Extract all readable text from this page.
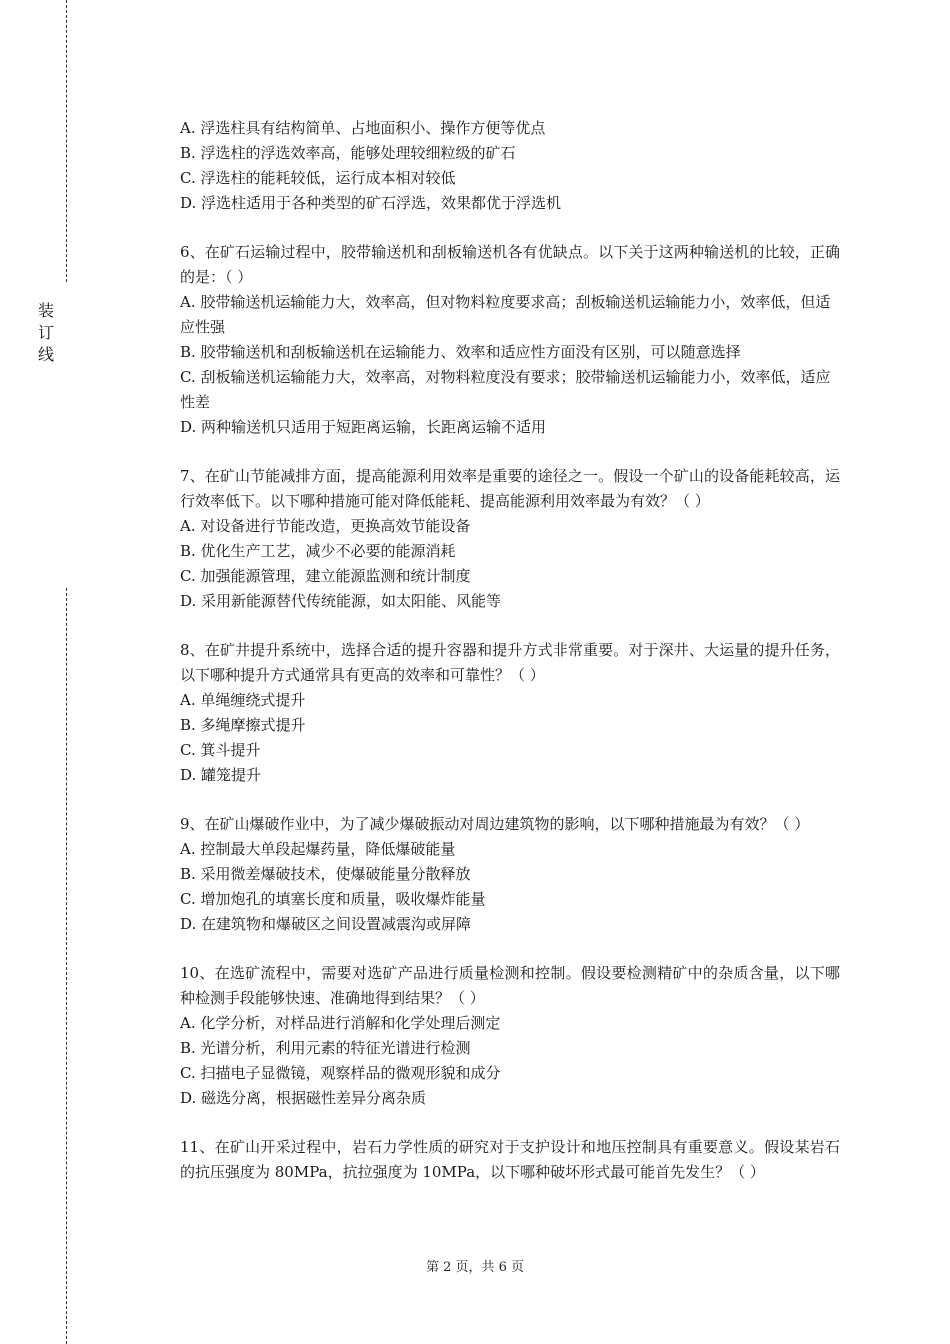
装
订
线

A. 浮选柱具有结构简单、占地面积小、操作方便等优点

B. 浮选柱的浮选效率高，能够处理较细粒级的矿石

C. 浮选柱的能耗较低，运行成本相对较低

D. 浮选柱适用于各种类型的矿石浮选，效果都优于浮选机

6、在矿石运输过程中，胶带输送机和刮板输送机各有优缺点。以下关于这两种输送机的比较，正确的是：（ ）

A. 胶带输送机运输能力大，效率高，但对物料粒度要求高；刮板输送机运输能力小，效率低，但适应性强

B. 胶带输送机和刮板输送机在运输能力、效率和适应性方面没有区别，可以随意选择

C. 刮板输送机运输能力大，效率高，对物料粒度没有要求；胶带输送机运输能力小，效率低，适应性差

D. 两种输送机只适用于短距离运输，长距离运输不适用

7、在矿山节能减排方面，提高能源利用效率是重要的途径之一。假设一个矿山的设备能耗较高，运行效率低下。以下哪种措施可能对降低能耗、提高能源利用效率最为有效？（ ）

A. 对设备进行节能改造，更换高效节能设备

B. 优化生产工艺，减少不必要的能源消耗

C. 加强能源管理，建立能源监测和统计制度

D. 采用新能源替代传统能源，如太阳能、风能等

8、在矿井提升系统中，选择合适的提升容器和提升方式非常重要。对于深井、大运量的提升任务，以下哪种提升方式通常具有更高的效率和可靠性？（ ）

A. 单绳缠绕式提升

B. 多绳摩擦式提升

C. 箕斗提升

D. 罐笼提升

9、在矿山爆破作业中，为了减少爆破振动对周边建筑物的影响，以下哪种措施最为有效？（ ）

A. 控制最大单段起爆药量，降低爆破能量

B. 采用微差爆破技术，使爆破能量分散释放

C. 增加炮孔的填塞长度和质量，吸收爆炸能量

D. 在建筑物和爆破区之间设置减震沟或屏障

10、在选矿流程中，需要对选矿产品进行质量检测和控制。假设要检测精矿中的杂质含量，以下哪种检测手段能够快速、准确地得到结果？（ ）

A. 化学分析，对样品进行消解和化学处理后测定

B. 光谱分析，利用元素的特征光谱进行检测

C. 扫描电子显微镜，观察样品的微观形貌和成分

D. 磁选分离，根据磁性差异分离杂质

11、在矿山开采过程中，岩石力学性质的研究对于支护设计和地压控制具有重要意义。假设某岩石的抗压强度为 80MPa，抗拉强度为 10MPa，以下哪种破坏形式最可能首先发生？（ ）

第 2 页，共 6 页
